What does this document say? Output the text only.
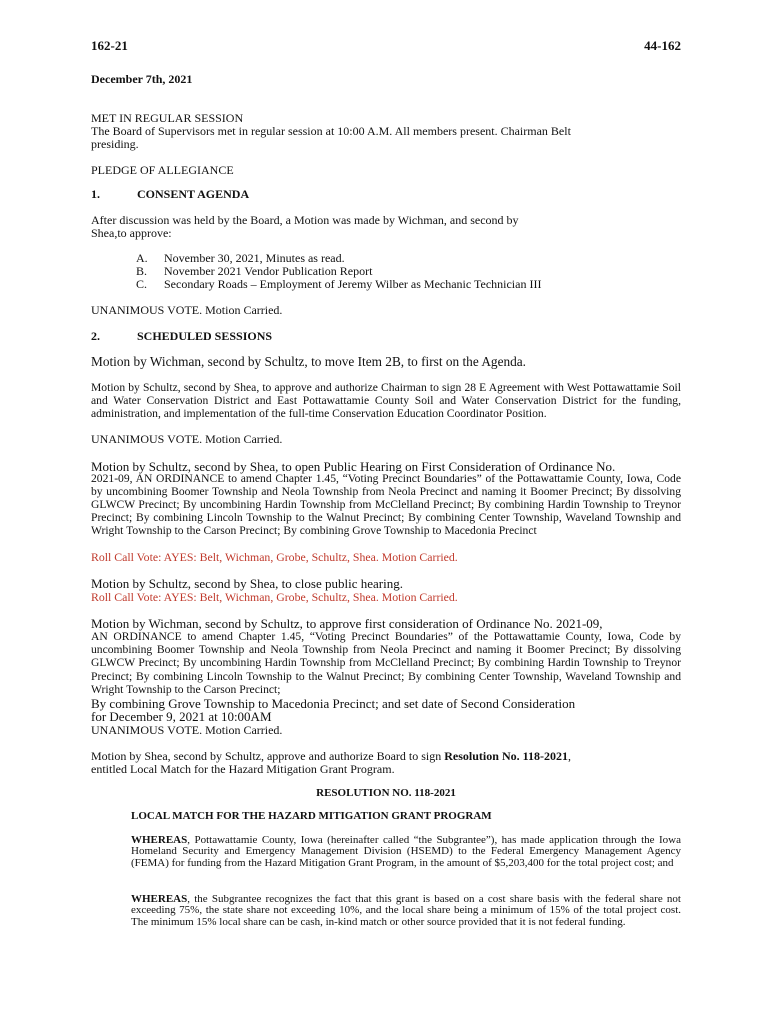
162-21	44-162

December 7th, 2021

MET IN REGULAR SESSION

The Board of Supervisors met in regular session at 10:00 A.M. All members present. Chairman Belt

presiding.

PLEDGE OF ALLEGIANCE

1.	CONSENT AGENDA

After discussion was held by the Board, a Motion was made by Wichman, and second by

Shea,to approve:

A.	November 30, 2021, Minutes as read.
B.	November 2021 Vendor Publication Report
C.	Secondary Roads – Employment of Jeremy Wilber as Mechanic Technician III

UNANIMOUS VOTE. Motion Carried.

2.	SCHEDULED SESSIONS

Motion by Wichman, second by Schultz, to move Item 2B, to first on the Agenda.

Motion by Schultz, second by Shea, to approve and authorize Chairman to sign 28 E Agreement with West Pottawattamie Soil and Water Conservation District and East Pottawattamie County Soil and Water Conservation District for the funding, administration, and implementation of the full-time Conservation Education Coordinator Position.

UNANIMOUS VOTE. Motion Carried.

Motion by Schultz, second by Shea, to open Public Hearing on First Consideration of Ordinance No.

2021-09, AN ORDINANCE to amend Chapter 1.45, “Voting Precinct Boundaries” of the Pottawattamie County, Iowa, Code by uncombining Boomer Township and Neola Township from Neola Precinct and naming it Boomer Precinct; By dissolving GLWCW Precinct; By uncombining Hardin Township from McClelland Precinct; By combining Hardin Township to Treynor Precinct; By combining Lincoln Township to the Walnut Precinct; By combining Center Township, Waveland Township and Wright Township to the Carson Precinct; By combining Grove Township to Macedonia Precinct

Roll Call Vote: AYES: Belt, Wichman, Grobe, Schultz, Shea. Motion Carried.

Motion by Schultz, second by Shea, to close public hearing.

Roll Call Vote: AYES: Belt, Wichman, Grobe, Schultz, Shea. Motion Carried.

Motion by Wichman, second by Schultz, to approve first consideration of Ordinance No. 2021-09,

AN ORDINANCE to amend Chapter 1.45, “Voting Precinct Boundaries” of the Pottawattamie County, Iowa, Code by uncombining Boomer Township and Neola Township from Neola Precinct and naming it Boomer Precinct; By dissolving GLWCW Precinct; By uncombining Hardin Township from McClelland Precinct; By combining Hardin Township to Treynor Precinct; By combining Lincoln Township to the Walnut Precinct; By combining Center Township, Waveland Township and Wright Township to the Carson Precinct;

By combining Grove Township to Macedonia Precinct; and set date of Second Consideration

for December 9, 2021 at 10:00AM

UNANIMOUS VOTE. Motion Carried.

Motion by Shea, second by Schultz, approve and authorize Board to sign Resolution No. 118-2021,

entitled Local Match for the Hazard Mitigation Grant Program.

RESOLUTION NO. 118-2021

LOCAL MATCH FOR THE HAZARD MITIGATION GRANT PROGRAM

WHEREAS, Pottawattamie County, Iowa (hereinafter called “the Subgrantee”), has made application through the Iowa Homeland Security and Emergency Management Division (HSEMD) to the Federal Emergency Management Agency (FEMA) for funding from the Hazard Mitigation Grant Program, in the amount of $5,203,400 for the total project cost; and

WHEREAS, the Subgrantee recognizes the fact that this grant is based on a cost share basis with the federal share not exceeding 75%, the state share not exceeding 10%, and the local share being a minimum of 15% of the total project cost. The minimum 15% local share can be cash, in-kind match or other source provided that it is not federal funding.
